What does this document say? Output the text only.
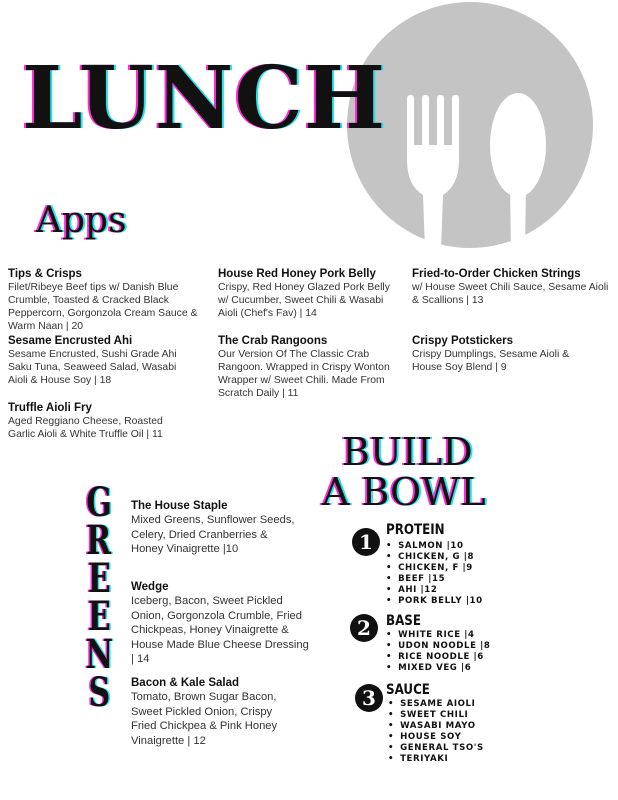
LUNCH
Apps
Tips & Crisps
Filet/Ribeye Beef tips w/ Danish Blue Crumble, Toasted & Cracked Black Peppercorn, Gorgonzola Cream Sauce & Warm Naan | 20
House Red Honey Pork Belly
Crispy, Red Honey Glazed Pork Belly w/ Cucumber, Sweet Chili & Wasabi Aioli (Chef's Fav) | 14
Fried-to-Order Chicken Strings
w/ House Sweet Chili Sauce, Sesame Aioli & Scallions | 13
Sesame Encrusted Ahi
Sesame Encrusted, Sushi Grade Ahi Saku Tuna, Seaweed Salad, Wasabi Aioli & House Soy | 18
The Crab Rangoons
Our Version Of The Classic Crab Rangoon. Wrapped in Crispy Wonton Wrapper w/ Sweet Chili. Made From Scratch Daily | 11
Crispy Potstickers
Crispy Dumplings, Sesame Aioli & House Soy Blend | 9
Truffle Aioli Fry
Aged Reggiano Cheese, Roasted Garlic Aioli & White Truffle Oil | 11
G
R
E
E
N
S
The House Staple
Mixed Greens, Sunflower Seeds, Celery, Dried Cranberries & Honey Vinaigrette |10
Wedge
Iceberg, Bacon, Sweet Pickled Onion, Gorgonzola Crumble, Fried Chickpeas, Honey Vinaigrette & House Made Blue Cheese Dressing | 14
Bacon & Kale Salad
Tomato, Brown Sugar Bacon, Sweet Pickled Onion, Crispy Fried Chickpea & Pink Honey Vinaigrette | 12
BUILD
A BOWL
1 PROTEIN
• SALMON |10
• CHICKEN, G |8
• CHICKEN, F |9
• BEEF |15
• AHI |12
• PORK BELLY |10
2	BASE
• WHITE RICE |4
• UDON NOODLE |8
• RICE NOODLE |6
• MIXED VEG |6
3 SAUCE
• SESAME AIOLI
• SWEET CHILI
• WASABI MAYO
• HOUSE SOY
• GENERAL TSO'S
• TERIYAKI
